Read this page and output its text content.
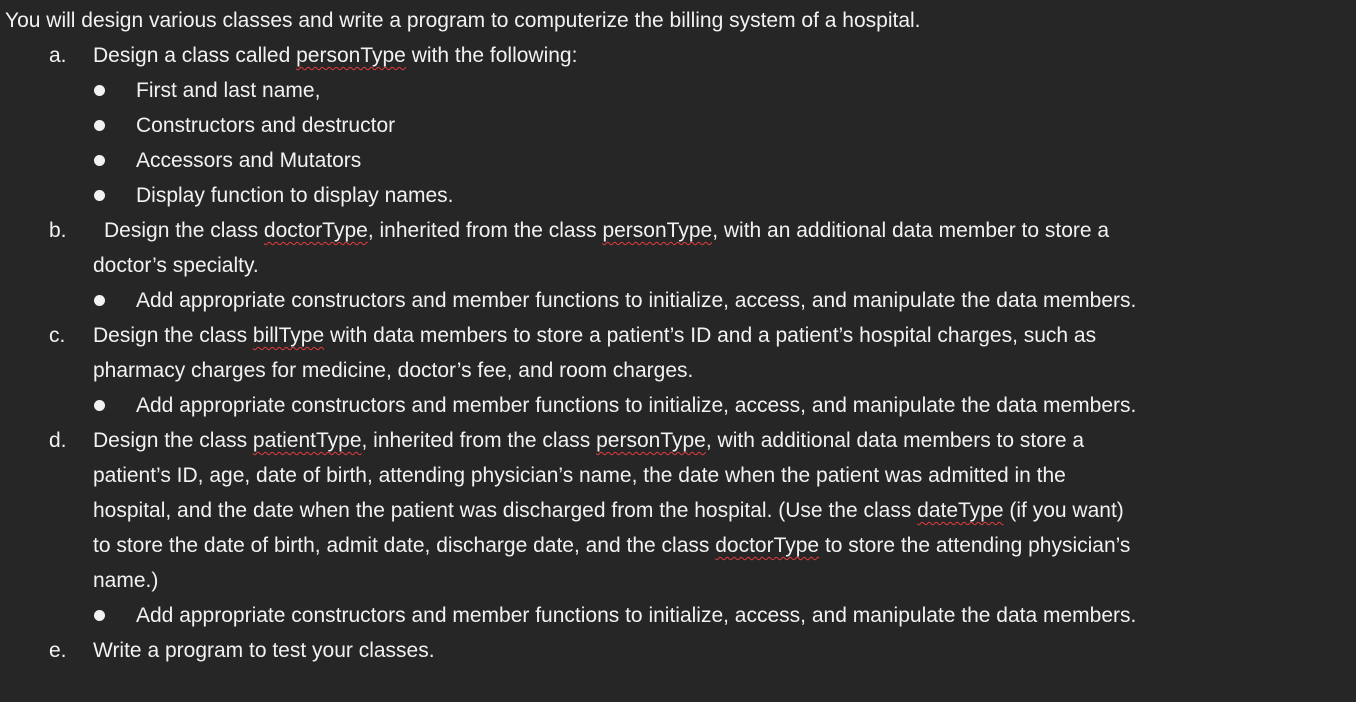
You will design various classes and write a program to computerize the billing system of a hospital.
a. Design a class called personType with the following:
First and last name,
Constructors and destructor
Accessors and Mutators
Display function to display names.
b. Design the class doctorType, inherited from the class personType, with an additional data member to store a
doctor’s specialty.
Add appropriate constructors and member functions to initialize, access, and manipulate the data members.
c. Design the class billType with data members to store a patient’s ID and a patient’s hospital charges, such as
pharmacy charges for medicine, doctor’s fee, and room charges.
Add appropriate constructors and member functions to initialize, access, and manipulate the data members.
d. Design the class patientType, inherited from the class personType, with additional data members to store a
patient’s ID, age, date of birth, attending physician’s name, the date when the patient was admitted in the
hospital, and the date when the patient was discharged from the hospital. (Use the class dateType (if you want)
to store the date of birth, admit date, discharge date, and the class doctorType to store the attending physician’s
name.)
Add appropriate constructors and member functions to initialize, access, and manipulate the data members.
e. Write a program to test your classes.
